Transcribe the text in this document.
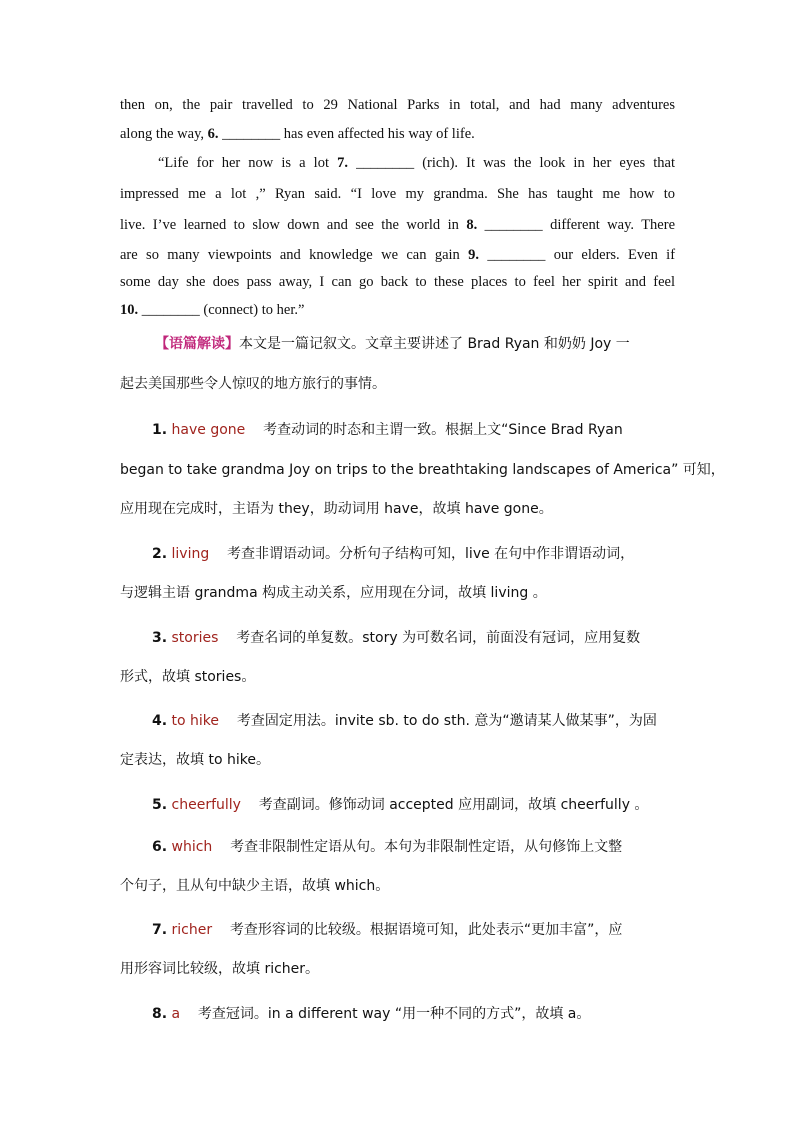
then on, the pair travelled to 29 National Parks in total, and had many adventures
along the way, 6. ________ has even affected his way of life.
“Life for her now is a lot 7. ________ (rich). It was the look in her eyes that
impressed me a lot ,” Ryan said. “I love my grandma. She has taught me how to
live. I’ve learned to slow down and see the world in 8. ________ different way. There
are so many viewpoints and knowledge we can gain 9. ________ our elders. Even if
some day she does pass away, I can go back to these places to feel her spirit and feel
10. ________ (connect) to her.”
【语篇解读】本文是一篇记叙文。文章主要讲述了 Brad Ryan 和奶奶 Joy 一
起去美国那些令人惊叹的地方旅行的事情。
1. have gone 考查动词的时态和主谓一致。根据上文“Since Brad Ryan
began to take grandma Joy on trips to the breathtaking landscapes of America” 可知，
应用现在完成时，主语为 they，助动词用 have，故填 have gone。
2. living 考查非谓语动词。分析句子结构可知，live 在句中作非谓语动词，
与逻辑主语 grandma 构成主动关系，应用现在分词，故填 living 。
3. stories 考查名词的单复数。story 为可数名词，前面没有冠词，应用复数
形式，故填 stories。
4. to hike 考查固定用法。invite sb. to do sth. 意为“邀请某人做某事”，为固
定表达，故填 to hike。
5. cheerfully 考查副词。修饰动词 accepted 应用副词，故填 cheerfully 。
6. which 考查非限制性定语从句。本句为非限制性定语，从句修饰上文整
个句子，且从句中缺少主语，故填 which。
7. richer 考查形容词的比较级。根据语境可知，此处表示“更加丰富”，应
用形容词比较级，故填 richer。
8. a 考查冠词。in a different way “用一种不同的方式”，故填 a。
